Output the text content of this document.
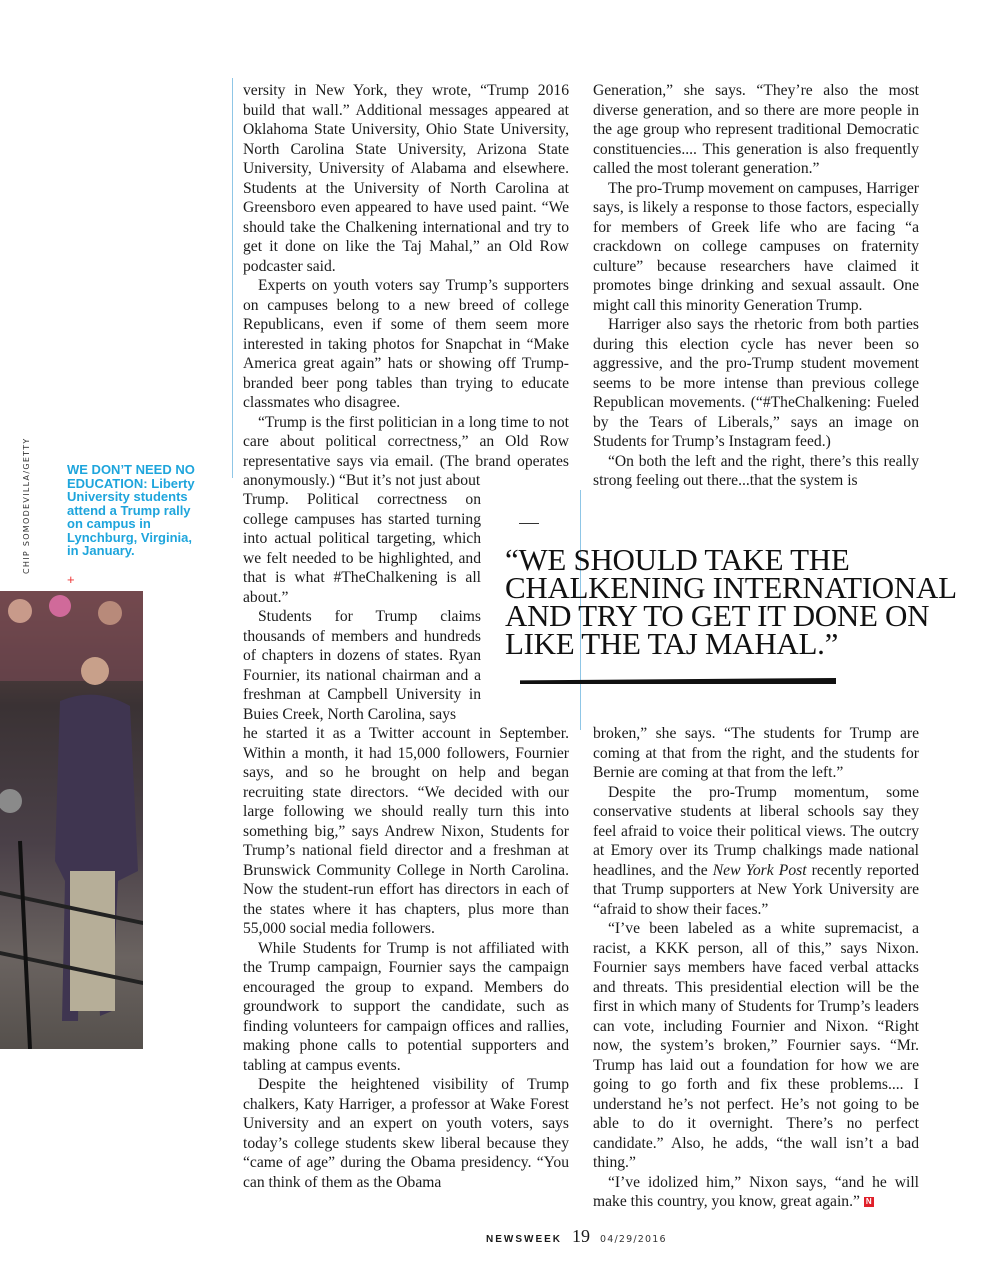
CHIP SOMODEVILLA/GETTY	WE DON’T NEED NO EDUCATION: Liberty University students attend a Trump rally on campus in Lynchburg, Virginia, in January.
+

versity in New York, they wrote, “Trump 2016 build that wall.” Additional messages appeared at Oklahoma State University, Ohio State University, North Carolina State University, Arizona State University, University of Alabama and elsewhere. Students at the University of North Carolina at Greensboro even appeared to have used paint. “We should take the Chalkening international and try to get it done on like the Taj Mahal,” an Old Row podcaster said.

Experts on youth voters say Trump’s supporters on campuses belong to a new breed of college Republicans, even if some of them seem more interested in taking photos for Snapchat in “Make America great again” hats or showing off Trump-branded beer pong tables than trying to educate classmates who disagree.

“Trump is the first politician in a long time to not care about political correctness,” an Old Row representative says via email. (The brand operates anonymously.) “But it’s not just about

Trump. Political correctness on college campuses has started turning into actual political targeting, which we felt needed to be highlighted, and that is what #TheChalkening is all about.”

Students for Trump claims thousands of members and hundreds of chapters in dozens of states. Ryan Fournier, its national chairman and a freshman at Campbell University in Buies Creek, North Carolina, says

he started it as a Twitter account in September. Within a month, it had 15,000 followers, Fournier says, and so he brought on help and began recruiting state directors. “We decided with our large following we should really turn this into something big,” says Andrew Nixon, Students for Trump’s national field director and a freshman at Brunswick Community College in North Carolina. Now the student-run effort has directors in each of the states where it has chapters, plus more than 55,000 social media followers.

While Students for Trump is not affiliated with the Trump campaign, Fournier says the campaign encouraged the group to expand. Members do groundwork to support the candidate, such as finding volunteers for campaign offices and rallies, making phone calls to potential supporters and tabling at campus events.

Despite the heightened visibility of Trump chalkers, Katy Harriger, a professor at Wake Forest University and an expert on youth voters, says today’s college students skew liberal because they “came of age” during the Obama presidency. “You can think of them as the Obama

Generation,” she says. “They’re also the most diverse generation, and so there are more people in the age group who represent traditional Democratic constituencies.... This generation is also frequently called the most tolerant generation.”

The pro-Trump movement on campuses, Harriger says, is likely a response to those factors, especially for members of Greek life who are facing “a crackdown on college campuses on fraternity culture” because researchers have claimed it promotes binge drinking and sexual assault. One might call this minority Generation Trump.

Harriger also says the rhetoric from both parties during this election cycle has never been so aggressive, and the pro-Trump student movement seems to be more intense than previous college Republican movements. (“#TheChalkening: Fueled by the Tears of Liberals,” says an image on Students for Trump’s Instagram feed.)

“On both the left and the right, there’s this really strong feeling out there...that the system is

“WE SHOULD TAKE THE CHALKENING INTERNATIONAL AND TRY TO GET IT DONE ON LIKE THE TAJ MAHAL.”

broken,” she says. “The students for Trump are coming at that from the right, and the students for Bernie are coming at that from the left.”

Despite the pro-Trump momentum, some conservative students at liberal schools say they feel afraid to voice their political views. The outcry at Emory over its Trump chalkings made national headlines, and the New York Post recently reported that Trump supporters at New York University are “afraid to show their faces.”

“I’ve been labeled as a white supremacist, a racist, a KKK person, all of this,” says Nixon. Fournier says members have faced verbal attacks and threats. This presidential election will be the first in which many of Students for Trump’s leaders can vote, including Fournier and Nixon. “Right now, the system’s broken,” Fournier says. “Mr. Trump has laid out a foundation for how we are going to go forth and fix these problems.... I understand he’s not perfect. He’s not going to be able to do it overnight. There’s no perfect candidate.” Also, he adds, “the wall isn’t a bad thing.”

“I’ve idolized him,” Nixon says, “and he will make this country, you know, great again.” N

NEWSWEEK 19 04/29/2016
